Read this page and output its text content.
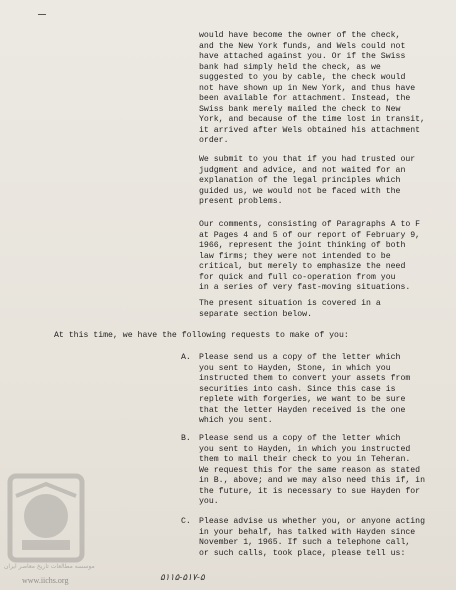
would have become the owner of the check,
and the New York funds, and Wels could not
have attached against you. Or if the Swiss
bank had simply held the check, as we
suggested to you by cable, the check would
not have shown up in New York, and thus have
been available for attachment. Instead, the
Swiss bank merely mailed the check to New
York, and because of the time lost in transit,
it arrived after Wels obtained his attachment
order.
We submit to you that if you had trusted our
judgment and advice, and not waited for an
explanation of the legal principles which
guided us, we would not be faced with the
present problems.
Our comments, consisting of Paragraphs A to F
at Pages 4 and 5 of our report of February 9,
1966, represent the joint thinking of both
law firms; they were not intended to be
critical, but merely to emphasize the need
for quick and full co-operation from you
in a series of very fast-moving situations.
The present situation is covered in a
separate section below.
At this time, we have the following requests to make of you:
A. Please send us a copy of the letter which
you sent to Hayden, Stone, in which you
instructed them to convert your assets from
securities into cash. Since this case is
replete with forgeries, we want to be sure
that the letter Hayden received is the one
which you sent.
B. Please send us a copy of the letter which
you sent to Hayden, in which you instructed
them to mail their check to you in Teheran.
We request this for the same reason as stated
in B., above; and we may also need this if, in
the future, it is necessary to sue Hayden for
you.
C. Please advise us whether you, or anyone acting
in your behalf, has talked with Hayden since
November 1, 1965. If such a telephone call,
or such calls, took place, please tell us:
موسسه مطالعات تاریخ معاصر ایران
www.iichs.org	۵۱۱۵-۵۱۷-۵
